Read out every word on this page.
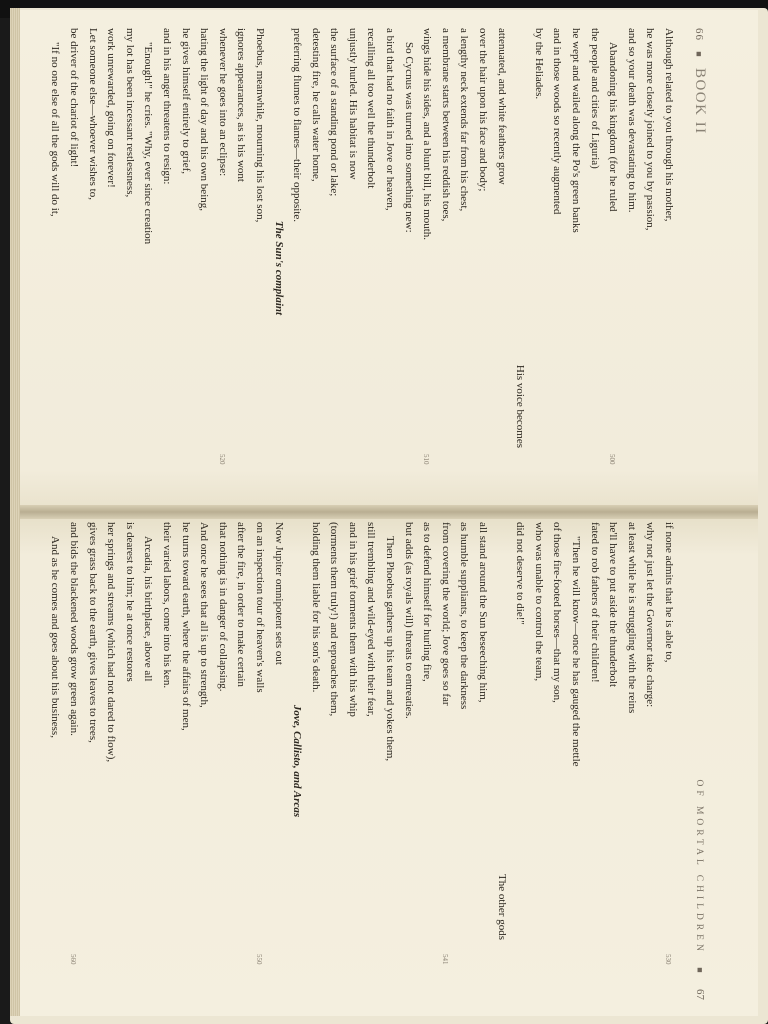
66 ■ BOOK II
Although related to you through his mother,
he was more closely joined to you by passion,
and so your death was devastating to him.
Abandoning his kingdom (for he ruled
500
the people and cities of Liguria)
he wept and wailed along the Po's green banks
and in those woods so recently augmented
by the Heliades.
His voice becomes
attenuated, and white feathers grow
over the hair upon his face and body;
a lengthy neck extends far from his chest,
a membrane starts between his reddish toes,
wings hide his sides, and a blunt bill, his mouth.
510
So Cycnus was turned into something new:
a bird that had no faith in Jove or heaven,
recalling all too well the thunderbolt
unjustly hurled. His habitat is now
the surface of a standing pond or lake;
detesting fire, he calls water home,
preferring flumes to flames—their opposite.
The Sun's complaint
Phoebus, meanwhile, mourning his lost son,
ignores appearances, as is his wont
whenever he goes into an eclipse:
520
hating the light of day and his own being,
he gives himself entirely to grief,
and in his anger threatens to resign:
"Enough!" he cries. "Why, ever since creation
my lot has been incessant restlessness,
work unrewarded, going on forever!
Let someone else—whoever wishes to,
be driver of the chariot of light!
"If no one else of all the gods will do it,
OF MORTAL CHILDREN ■ 67
if none admits that he is able to,
530
why not just let the Governor take charge:
at least while he is struggling with the reins
he'll have to put aside the thunderbolt
fated to rob fathers of their children!
"Then he will know—once he has gauged the mettle
of those fire-footed horses—that my son,
who was unable to control the team,
did not deserve to die!"
The other gods
all stand around the Sun beseeching him,
as humble suppliants, to keep the darkness
from covering the world; Jove goes so far
541
as to defend himself for hurling fire,
but adds (as royals will) threats to entreaties.
Then Phoebus gathers up his team and yokes them,
still trembling and wild-eyed with their fear,
and in his grief torments them with his whip
(torments them truly!) and reproaches them,
holding them liable for his son's death.
Jove, Callisto, and Arcas
Now Jupiter omnipotent sets out
on an inspection tour of heaven's walls
550
after the fire, in order to make certain
that nothing is in danger of collapsing.
And once he sees that all is up to strength,
he turns toward earth, where the affairs of men,
their varied labors, come into his ken.
Arcadia, his birthplace, above all
is dearest to him; he at once restores
her springs and streams (which had not dared to flow),
gives grass back to the earth, gives leaves to trees,
and bids the blackened woods grow green again.
560
And as he comes and goes about his business,
